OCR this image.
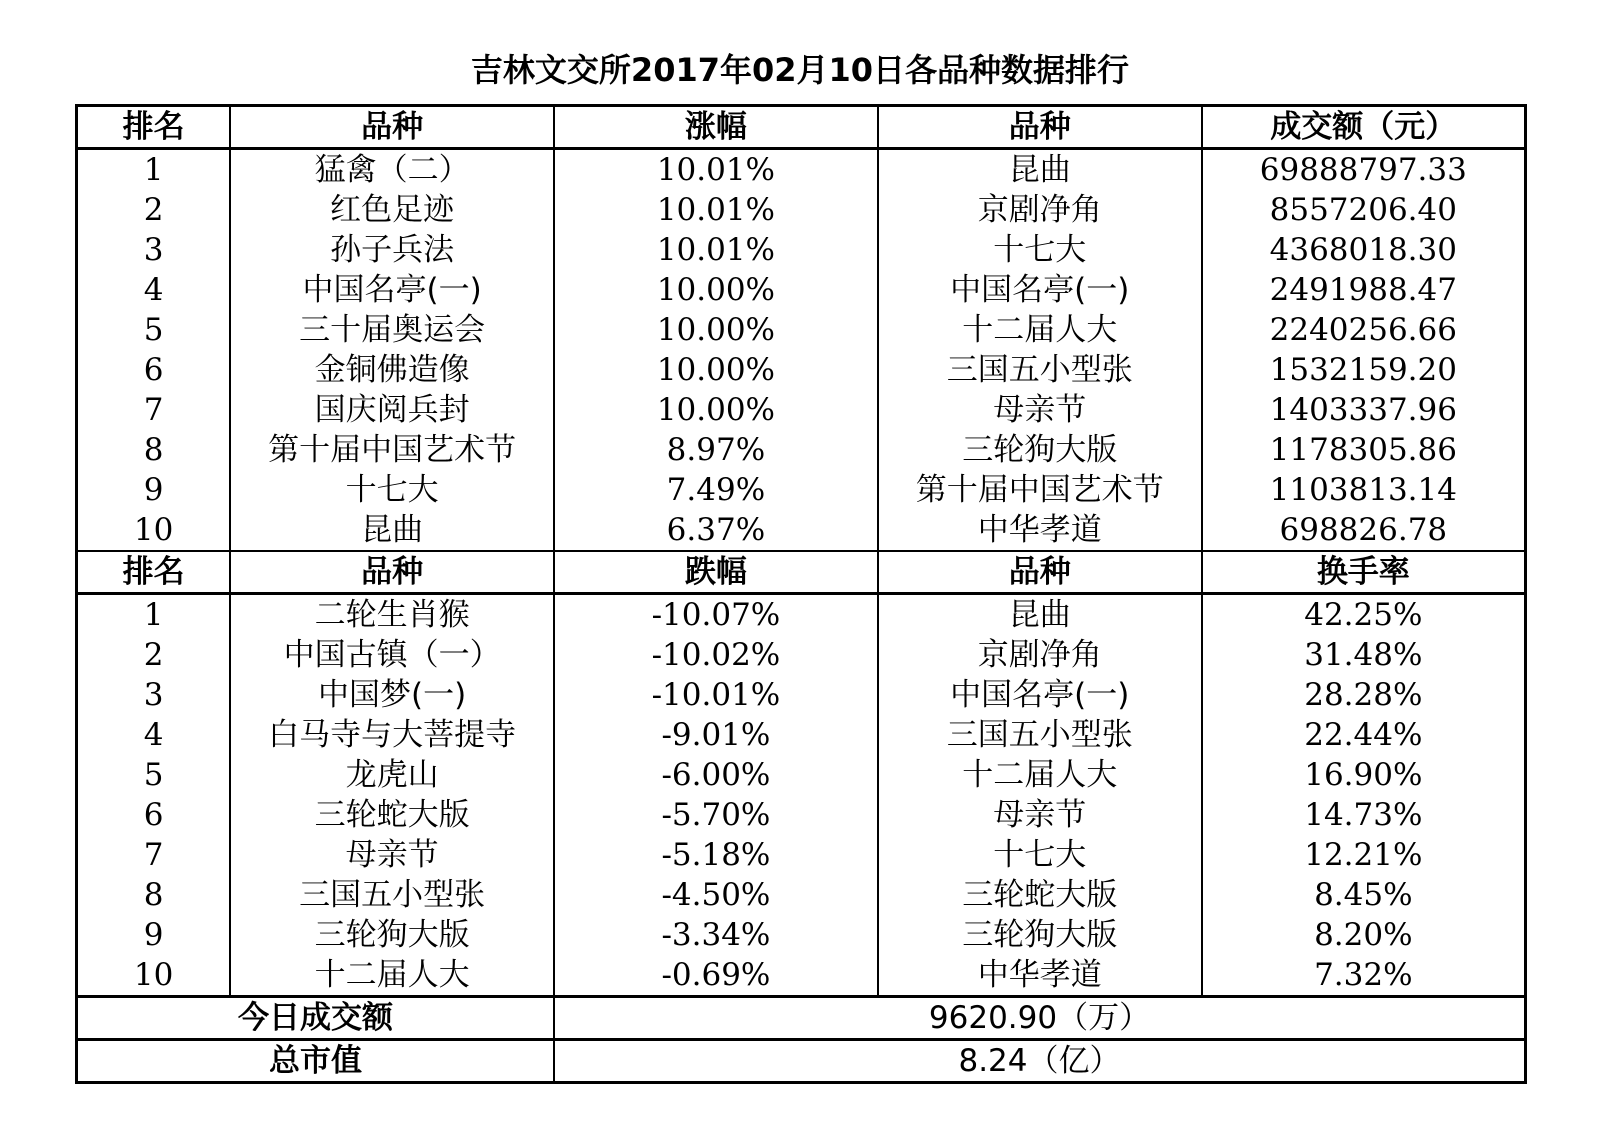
吉林文交所2017年02月10日各品种数据排行
排名	品种	涨幅	品种	成交额（元）
1	猛禽（二）	10.01%	昆曲	69888797.33
2	红色足迹	10.01%	京剧净角	8557206.40
3	孙子兵法	10.01%	十七大	4368018.30
4	中国名亭(一)	10.00%	中国名亭(一)	2491988.47
5	三十届奥运会	10.00%	十二届人大	2240256.66
6	金铜佛造像	10.00%	三国五小型张	1532159.20
7	国庆阅兵封	10.00%	母亲节	1403337.96
8	第十届中国艺术节	8.97%	三轮狗大版	1178305.86
9	十七大	7.49%	第十届中国艺术节	1103813.14
10	昆曲	6.37%	中华孝道	698826.78
排名	品种	跌幅	品种	换手率
1	二轮生肖猴	-10.07%	昆曲	42.25%
2	中国古镇（一）	-10.02%	京剧净角	31.48%
3	中国梦(一)	-10.01%	中国名亭(一)	28.28%
4	白马寺与大菩提寺	-9.01%	三国五小型张	22.44%
5	龙虎山	-6.00%	十二届人大	16.90%
6	三轮蛇大版	-5.70%	母亲节	14.73%
7	母亲节	-5.18%	十七大	12.21%
8	三国五小型张	-4.50%	三轮蛇大版	8.45%
9	三轮狗大版	-3.34%	三轮狗大版	8.20%
10	十二届人大	-0.69%	中华孝道	7.32%
今日成交额		9620.90（万）		
总市值		8.24（亿）		
